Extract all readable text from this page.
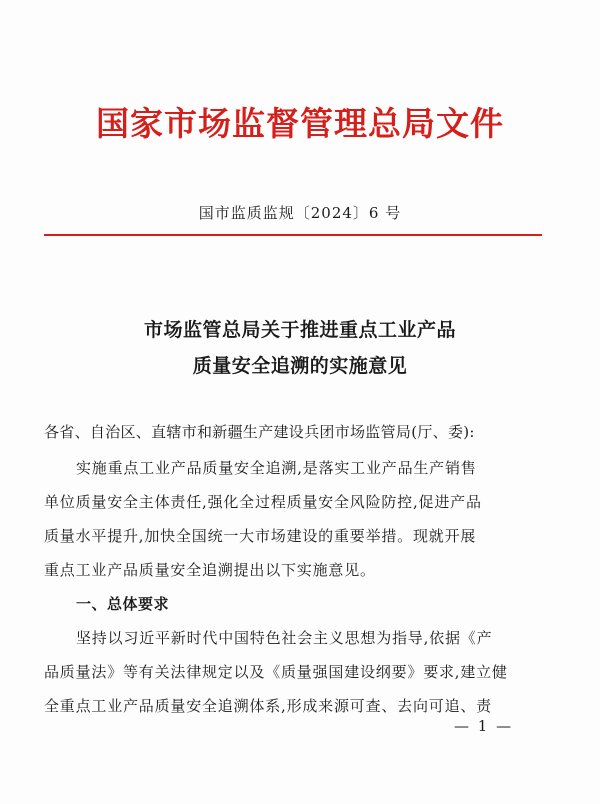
国家市场监督管理总局文件
国市监质监规〔2024〕6 号
市场监管总局关于推进重点工业产品
质量安全追溯的实施意见
各省、自治区、直辖市和新疆生产建设兵团市场监管局(厅、委):
实施重点工业产品质量安全追溯,是落实工业产品生产销售
单位质量安全主体责任,强化全过程质量安全风险防控,促进产品
质量水平提升,加快全国统一大市场建设的重要举措。现就开展
重点工业产品质量安全追溯提出以下实施意见。
一、总体要求
坚持以习近平新时代中国特色社会主义思想为指导,依据《产
品质量法》等有关法律规定以及《质量强国建设纲要》要求,建立健
全重点工业产品质量安全追溯体系,形成来源可查、去向可追、责
— 1 —
